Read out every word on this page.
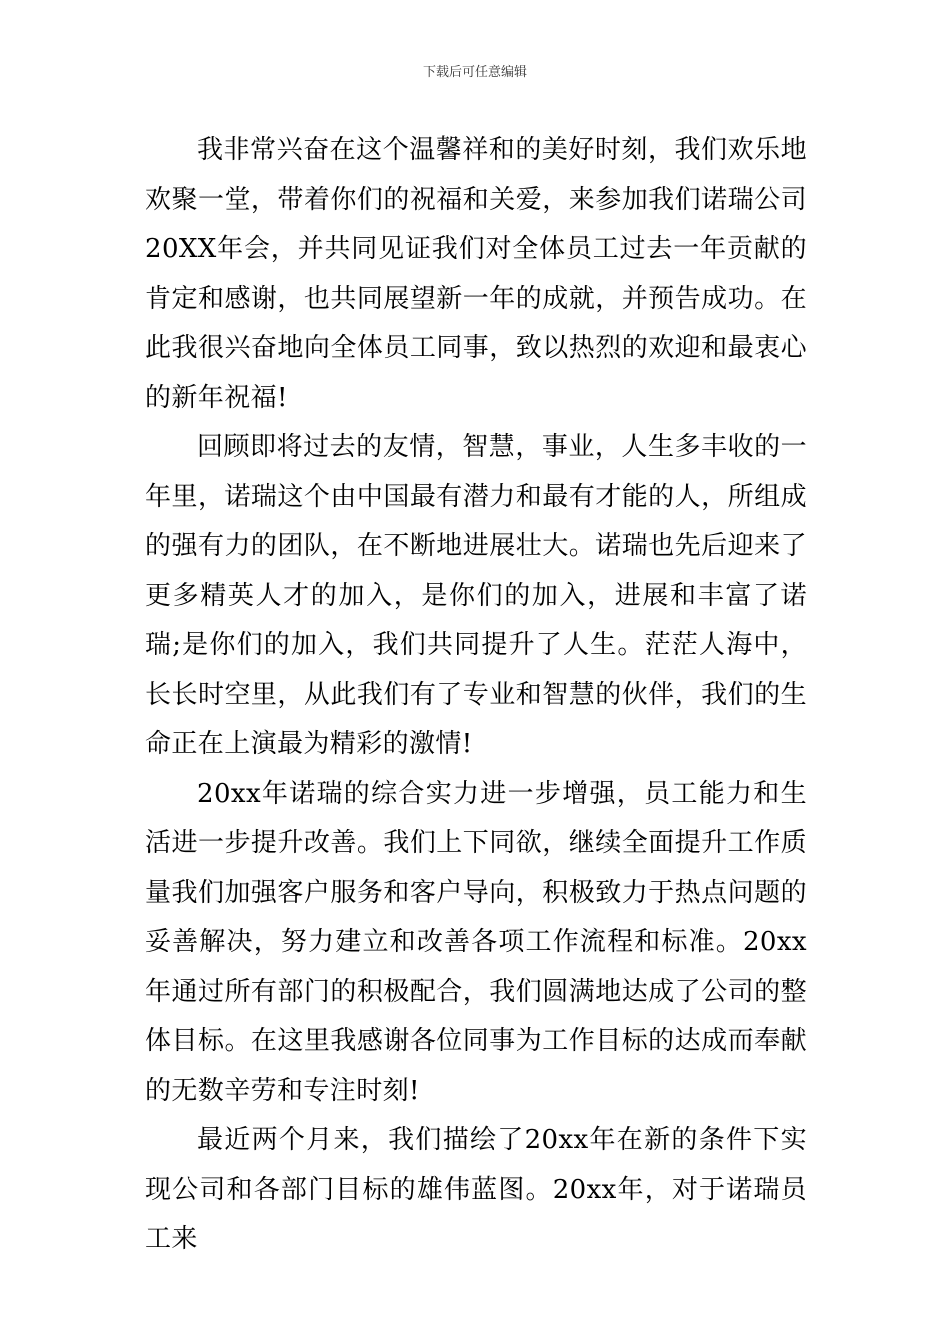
下载后可任意编辑

我非常兴奋在这个温馨祥和的美好时刻，我们欢乐地欢聚一堂，带着你们的祝福和关爱，来参加我们诺瑞公司20XX年会，并共同见证我们对全体员工过去一年贡献的肯定和感谢，也共同展望新一年的成就，并预告成功。在此我很兴奋地向全体员工同事，致以热烈的欢迎和最衷心的新年祝福!

回顾即将过去的友情，智慧，事业，人生多丰收的一年里，诺瑞这个由中国最有潜力和最有才能的人，所组成的强有力的团队，在不断地进展壮大。诺瑞也先后迎来了更多精英人才的加入，是你们的加入，进展和丰富了诺瑞;是你们的加入，我们共同提升了人生。茫茫人海中，长长时空里，从此我们有了专业和智慧的伙伴，我们的生命正在上演最为精彩的激情!

20xx年诺瑞的综合实力进一步增强，员工能力和生活进一步提升改善。我们上下同欲，继续全面提升工作质量我们加强客户服务和客户导向，积极致力于热点问题的妥善解决，努力建立和改善各项工作流程和标准。20xx年通过所有部门的积极配合，我们圆满地达成了公司的整体目标。在这里我感谢各位同事为工作目标的达成而奉献的无数辛劳和专注时刻!

最近两个月来，我们描绘了20xx年在新的条件下实现公司和各部门目标的雄伟蓝图。20xx年，对于诺瑞员工来
